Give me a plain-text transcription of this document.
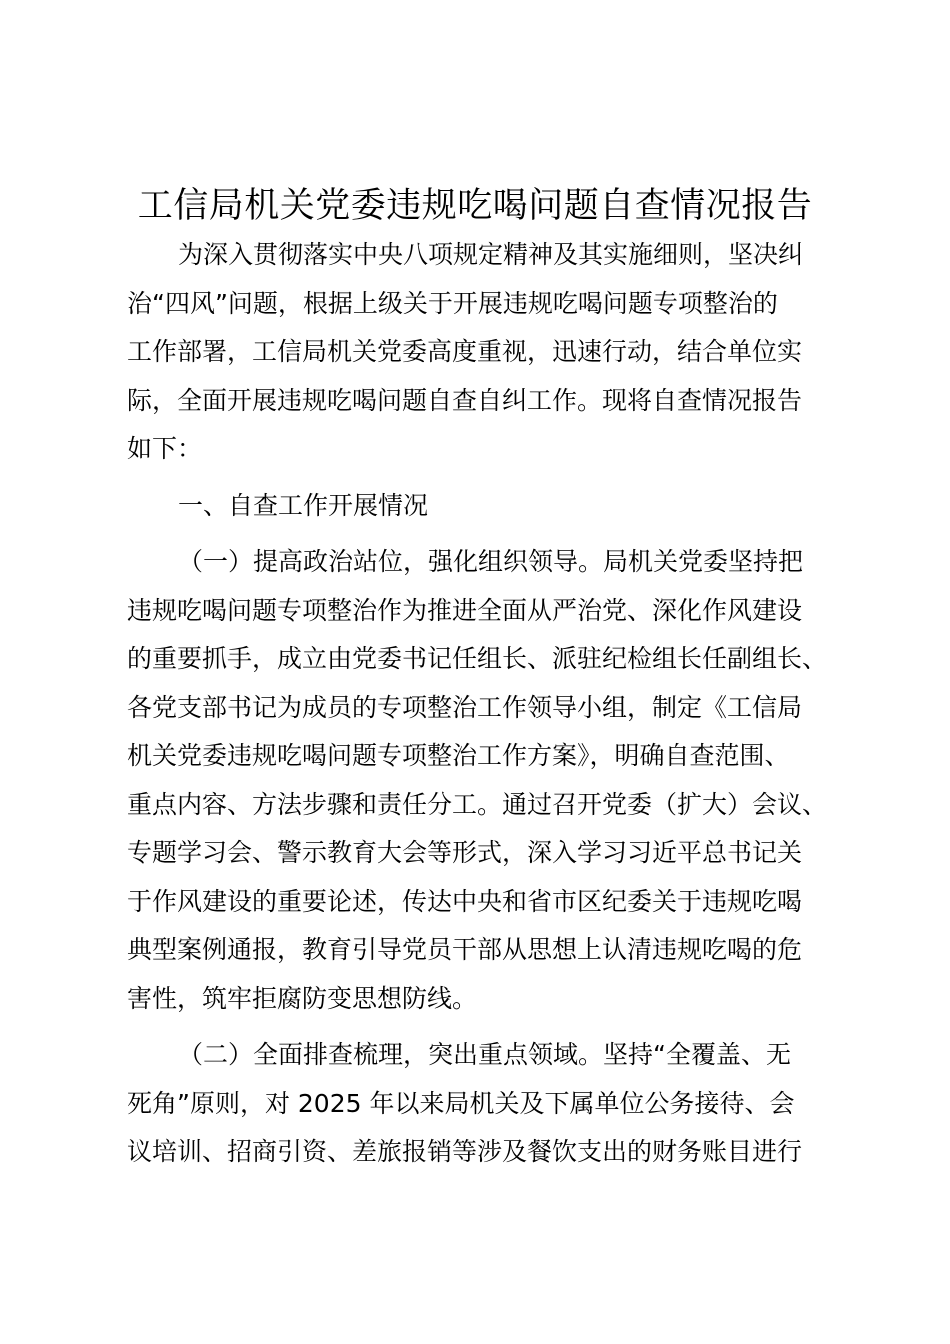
工信局机关党委违规吃喝问题自查情况报告
为深入贯彻落实中央八项规定精神及其实施细则，坚决纠
治“四风”问题，根据上级关于开展违规吃喝问题专项整治的
工作部署，工信局机关党委高度重视，迅速行动，结合单位实
际，全面开展违规吃喝问题自查自纠工作。现将自查情况报告
如下：
一、自查工作开展情况
（一）提高政治站位，强化组织领导。局机关党委坚持把
违规吃喝问题专项整治作为推进全面从严治党、深化作风建设
的重要抓手，成立由党委书记任组长、派驻纪检组长任副组长、
各党支部书记为成员的专项整治工作领导小组，制定《工信局
机关党委违规吃喝问题专项整治工作方案》，明确自查范围、
重点内容、方法步骤和责任分工。通过召开党委（扩大）会议、
专题学习会、警示教育大会等形式，深入学习习近平总书记关
于作风建设的重要论述，传达中央和省市区纪委关于违规吃喝
典型案例通报，教育引导党员干部从思想上认清违规吃喝的危
害性，筑牢拒腐防变思想防线。
（二）全面排查梳理，突出重点领域。坚持“全覆盖、无
死角”原则，对 2025 年以来局机关及下属单位公务接待、会
议培训、招商引资、差旅报销等涉及餐饮支出的财务账目进行
